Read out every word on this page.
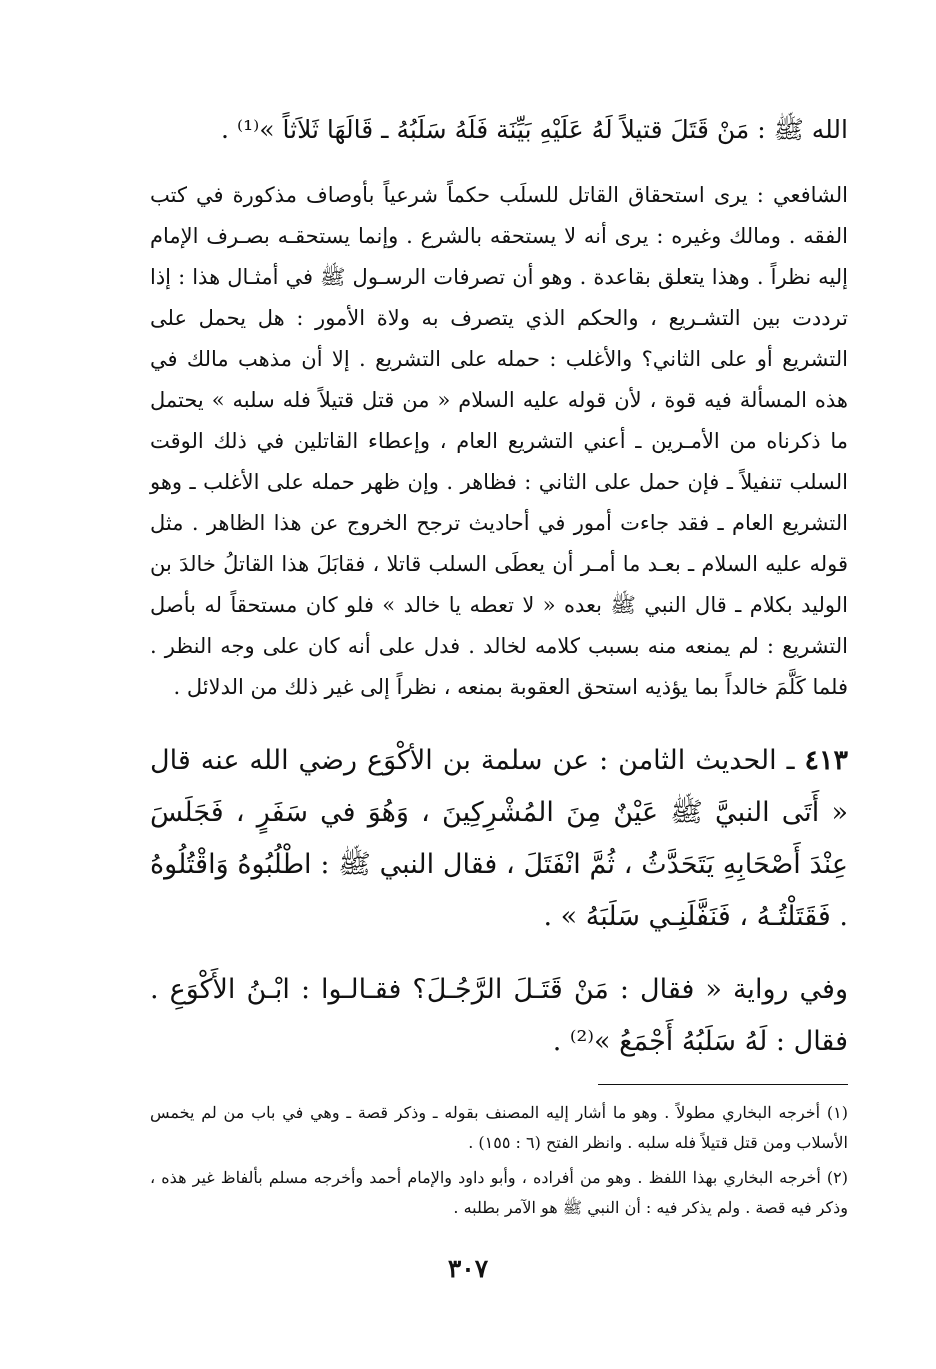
الله ﷺ : مَنْ قَتَلَ قتيلاً لَهُ عَلَيْهِ بَيِّنَة فَلَهُ سَلَبُهُ ـ قَالَهَا ثَلاَثاً »⁽¹⁾ .

الشافعي : يرى استحقاق القاتل للسلَب حكماً شرعياً بأوصاف مذكورة في كتب الفقه . ومالك وغيره : يرى أنه لا يستحقه بالشرع . وإنما يستحقـه بصـرف الإمام إليه نظراً . وهذا يتعلق بقاعدة . وهو أن تصرفات الرسـول ﷺ في أمثـال هذا : إذا ترددت بين التشـريع ، والحكم الذي يتصرف به ولاة الأمور : هل يحمل على التشريع أو على الثاني؟ والأغلب : حمله على التشريع . إلا أن مذهب مالك في هذه المسألة فيه قوة ، لأن قوله عليه السلام « من قتل قتيلاً فله سلبه » يحتمل ما ذكرناه من الأمـرين ـ أعني التشريع العام ، وإعطاء القاتلين في ذلك الوقت السلب تنفيلاً ـ فإن حمل على الثاني : فظاهر . وإن ظهر حمله على الأغلب ـ وهو التشريع العام ـ فقد جاءت أمور في أحاديث ترجح الخروج عن هذا الظاهر . مثل قوله عليه السلام ـ بعـد ما أمـر أن يعطَى السلب قاتلا ، فقابَلَ هذا القاتلُ خالدَ بن الوليد بكلام ـ قال النبي ﷺ بعده « لا تعطه يا خالد » فلو كان مستحقاً له بأصل التشريع : لم يمنعه منه بسبب كلامه لخالد . فدل على أنه كان على وجه النظر . فلما كَلَّمَ خالداً بما يؤذيه استحق العقوبة بمنعه ، نظراً إلى غير ذلك من الدلائل .

٤١٣ ـ الحديث الثامن : عن سلمة بن الأكْوَع رضي الله عنه قال « أَتَى النبيَّ ﷺ عَيْنٌ مِنَ المُشْرِكِينَ ، وَهُوَ في سَفَرٍ ، فَجَلَسَ عِنْدَ أَصْحَابِهِ يَتَحَدَّثُ ، ثُمَّ انْفَتَلَ ، فقال النبي ﷺ : اطْلُبُوهُ وَاقْتُلُوهُ . فَقَتَلْتُـهُ ، فَنَفَّلَنِـي سَلَبَهُ » .

وفي رواية « فقال : مَنْ قَتَـلَ الرَّجُـلَ؟ فقـالـوا : ابْـنُ الأَكْوَعِ . فقال : لَهُ سَلَبُهُ أَجْمَعُ »⁽²⁾ .

(١) أخرجه البخاري مطولاً . وهو ما أشار إليه المصنف بقوله ـ وذكر قصة ـ وهي في باب من لم يخمس الأسلاب ومن قتل قتيلاً فله سلبه . وانظر الفتح (٦ : ١٥٥) .

(٢) أخرجه البخاري بهذا اللفظ . وهو من أفراده ، وأبو داود والإمام أحمد وأخرجه مسلم بألفاظ غير هذه ، وذكر فيه قصة . ولم يذكر فيه : أن النبي ﷺ هو الآمر بطلبه .

٣٠٧
